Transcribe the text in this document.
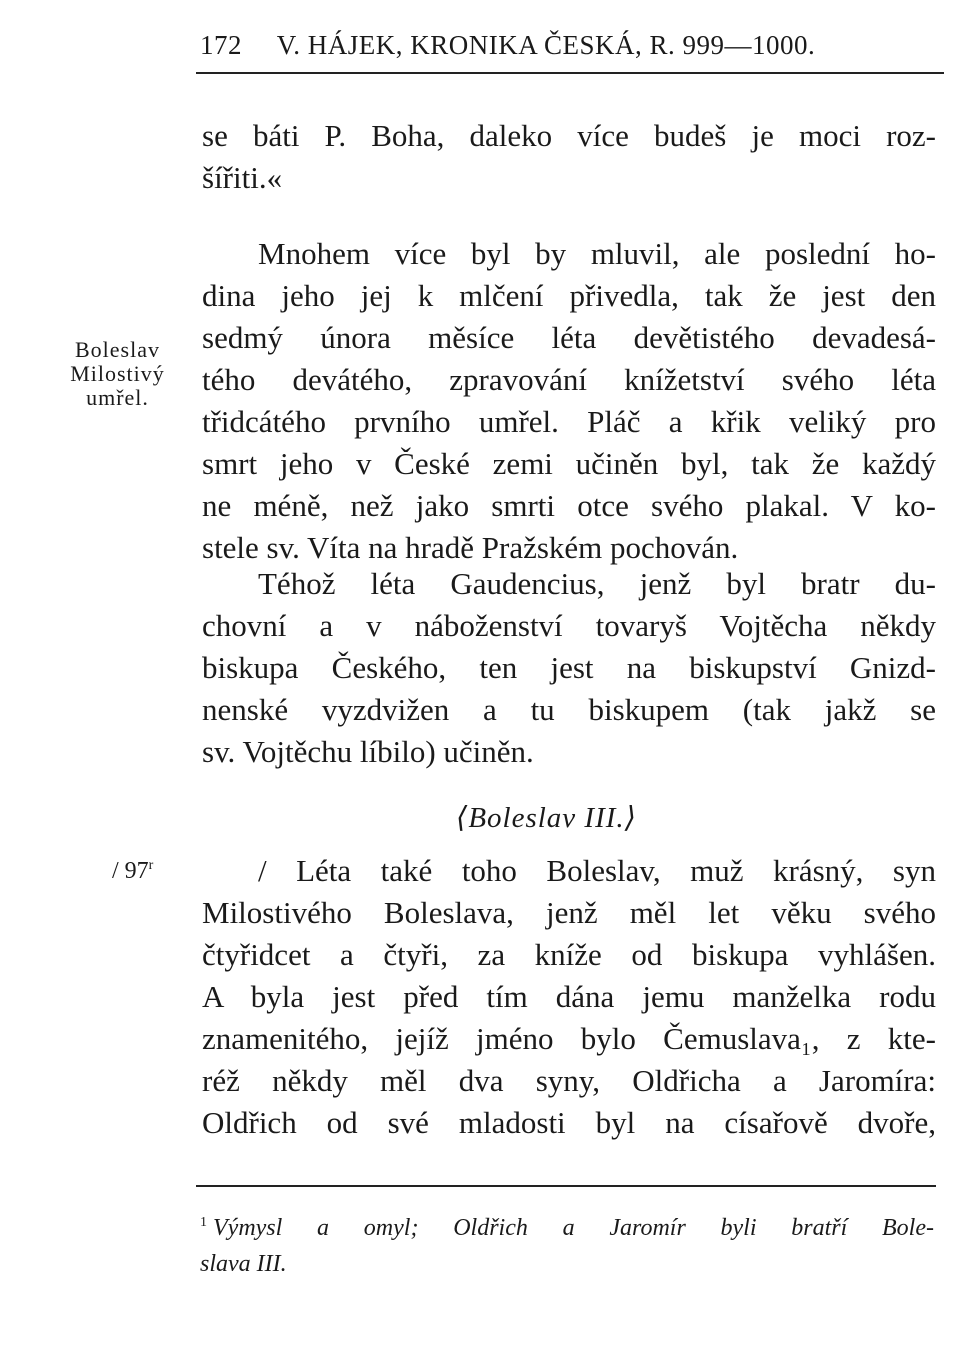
172 V. HÁJEK, KRONIKA ČESKÁ, R. 999—1000.
Boleslav
Milostivý
umřel.
se báti P. Boha, daleko více budeš je moci roz-
šířiti.«
Mnohem více byl by mluvil, ale poslední ho-
dina jeho jej k mlčení přivedla, tak že jest den
sedmý února měsíce léta devětistého devadesá-
tého devátého, zpravování knížetství svého léta
třidcátého prvního umřel. Pláč a křik veliký pro
smrt jeho v České zemi učiněn byl, tak že každý
ne méně, než jako smrti otce svého plakal. V ko-
stele sv. Víta na hradě Pražském pochován.
Téhož léta Gaudencius, jenž byl bratr du-
chovní a v náboženství tovaryš Vojtěcha někdy
biskupa Českého, ten jest na biskupství Gnizd-
nenské vyzdvižen a tu biskupem (tak jakž se
sv. Vojtěchu líbilo) učiněn.
⟨Boleslav III.⟩
/ 97$^r$	/ Léta také toho Boleslav, muž krásný, syn
Milostivého Boleslava, jenž měl let věku svého
čtyřidcet a čtyři, za kníže od biskupa vyhlášen.
A byla jest před tím dána jemu manželka rodu
znamenitého, jejíž jméno bylo Čemuslava₁, z kte-
réž někdy měl dva syny, Oldřicha a Jaromíra:
Oldřich od své mladosti byl na císařově dvoře,
$^1$ Výmysl a omyl; Oldřich a Jaromír byli bratří Bole-
slava III.
